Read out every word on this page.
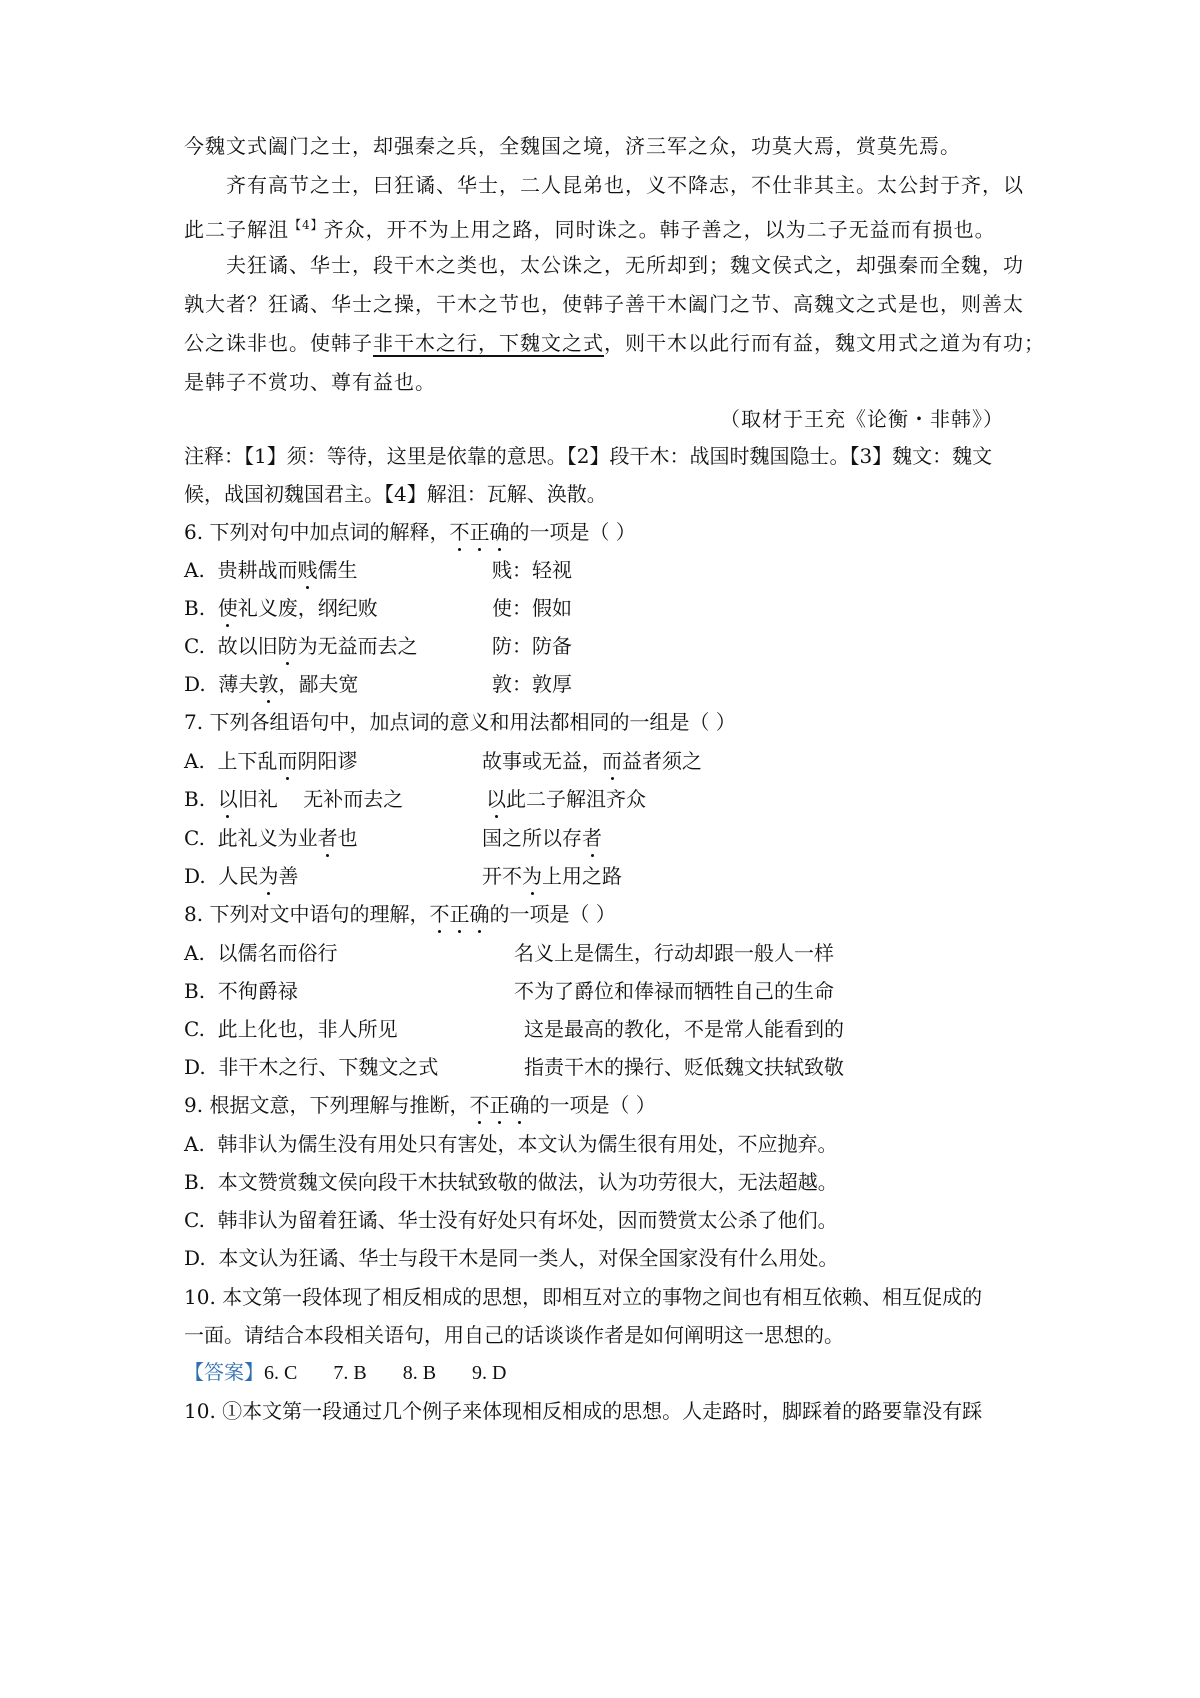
今魏文式阖门之士，却强秦之兵，全魏国之境，济三军之众，功莫大焉，赏莫先焉。
齐有高节之士，曰狂谲、华士，二人昆弟也，义不降志，不仕非其主。太公封于齐，以
此二子解沮$^{【4】}$齐众，开不为上用之路，同时诛之。韩子善之，以为二子无益而有损也。
夫狂谲、华士，段干木之类也，太公诛之，无所却到；魏文侯式之，却强秦而全魏，功
孰大者？狂谲、华士之操，干木之节也，使韩子善干木阖门之节、高魏文之式是也，则善太
公之诛非也。使韩子非干木之行，下魏文之式，则干木以此行而有益，魏文用式之道为有功；
是韩子不赏功、尊有益也。
（取材于王充《论衡・非韩》）
注释：【1】须：等待，这里是依靠的意思。【2】段干木：战国时魏国隐士。【3】魏文：魏文
候，战国初魏国君主。【4】解沮：瓦解、涣散。
6. 下列对句中加点词的解释，不正确的一项是（ ）
A. 贵耕战而贱儒生	贱：轻视
B. 使礼义废，纲纪败	使：假如
C. 故以旧防为无益而去之	防：防备
D. 薄夫敦，鄙夫宽	敦：敦厚
7. 下列各组语句中，加点词的意义和用法都相同的一组是（ ）
A. 上下乱而阴阳谬	故事或无益，而益者须之
B. 以旧礼    无补而去之	以此二子解沮齐众
C. 此礼义为业者也	国之所以存者
D. 人民为善	开不为上用之路
8. 下列对文中语句的理解，不正确的一项是（ ）
A. 以儒名而俗行	名义上是儒生，行动却跟一般人一样
B. 不徇爵禄	不为了爵位和俸禄而牺牲自己的生命
C. 此上化也，非人所见	这是最高的教化，不是常人能看到的
D. 非干木之行、下魏文之式	指责干木的操行、贬低魏文扶轼致敬
9. 根据文意，下列理解与推断，不正确的一项是（ ）
A. 韩非认为儒生没有用处只有害处，本文认为儒生很有用处，不应抛弃。
B. 本文赞赏魏文侯向段干木扶轼致敬的做法，认为功劳很大，无法超越。
C. 韩非认为留着狂谲、华士没有好处只有坏处，因而赞赏太公杀了他们。
D. 本文认为狂谲、华士与段干木是同一类人，对保全国家没有什么用处。
10. 本文第一段体现了相反相成的思想，即相互对立的事物之间也有相互依赖、相互促成的
一面。请结合本段相关语句，用自己的话谈谈作者是如何阐明这一思想的。
【答案】6. C 7. B 8. B 9. D
10. ①本文第一段通过几个例子来体现相反相成的思想。人走路时，脚踩着的路要靠没有踩
